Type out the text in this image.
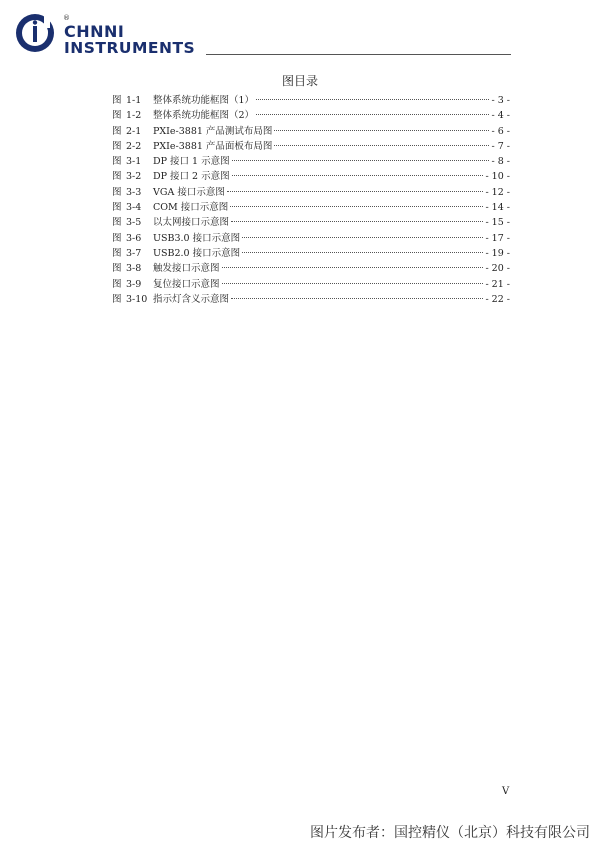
®
CHNNI
INSTRUMENTS
图目录
图 1-1	整体系统功能框图（1）	- 3 -
图 1-2	整体系统功能框图（2）	- 4 -
图 2-1	PXIe-3881 产品测试布局图	- 6 -
图 2-2	PXIe-3881 产品面板布局图	- 7 -
图 3-1	DP 接口 1 示意图	- 8 -
图 3-2	DP 接口 2 示意图	- 10 -
图 3-3	VGA 接口示意图	- 12 -
图 3-4	COM 接口示意图	- 14 -
图 3-5	以太网接口示意图	- 15 -
图 3-6	USB3.0 接口示意图	- 17 -
图 3-7	USB2.0 接口示意图	- 19 -
图 3-8	触发接口示意图	- 20 -
图 3-9	复位接口示意图	- 21 -
图 3-10 指示灯含义示意图	- 22 -
V
图片发布者：国控精仪（北京）科技有限公司
